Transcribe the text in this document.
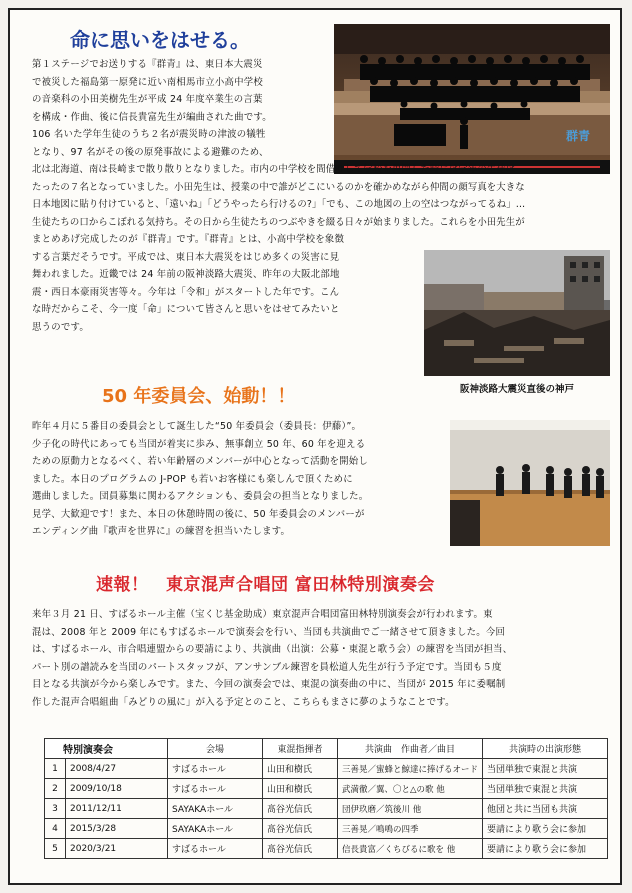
命に思いをはせる。

第１ステージでお送りする『群青』は、東日本大震災

で被災した福島第一原発に近い南相馬市立小高中学校

の音楽科の小田美樹先生が平成 24 年度卒業生の言葉

を構成・作曲、後に信長貴富先生が編曲された曲です。

106 名いた学年生徒のうち２名が震災時の津波の犠牲

となり、97 名がその後の原発事故による避難のため、

群青

北は北海道、南は長崎まで散り散りとなりました。市内の中学校を間借りして学校を再開した時には学年の生徒は

たったの７名となっていました。小田先生は、授業の中で誰がどこにいるのかを確かめながら仲間の顔写真を大きな

日本地図に貼り付けていると、「遠いね」「どうやったら行けるの?」「でも、この地図の上の空はつながってるね」…

生徒たちの口からこぼれる気持ち。その日から生徒たちのつぶやきを綴る日々が始まりました。これらを小田先生が

まとめあげ完成したのが『群青』です。『群青』とは、小高中学校を象徴

する言葉だそうです。平成では、東日本大震災をはじめ多くの災害に見

舞われました。近畿では 24 年前の阪神淡路大震災、昨年の大阪北部地

震・西日本豪雨災害等々。今年は「令和」がスタートした年です。こん

な時だからこそ、今一度「命」について皆さんと思いをはせてみたいと

思うのです。

阪神淡路大震災直後の神戸
50 年委員会、始動！！

昨年４月に５番目の委員会として誕生した“50 年委員会（委員長：伊藤）”。

少子化の時代にあっても当団が着実に歩み、無事創立 50 年、60 年を迎える

ための原動力となるべく、若い年齢層のメンバーが中心となって活動を開始し

ました。本日のプログラムの J-POP も若いお客様にも楽しんで頂くために

選曲しました。団員募集に関わるアクションも、委員会の担当となりました。

見学、大歓迎です！また、本日の休憩時間の後に、50 年委員会のメンバーが

エンディング曲『歌声を世界に』の練習を担当いたします。

速報！　東京混声合唱団 富田林特別演奏会

来年３月 21 日、すばるホール主催（宝くじ基金助成）東京混声合唱団富田林特別演奏会が行われます。東

混は、2008 年と 2009 年にもすばるホールで演奏会を行い、当団も共演曲でご一緒させて頂きました。今回

は、すばるホール、市合唱連盟からの要請により、共演曲（出演：公募・東混と歌う会）の練習を当団が担当、

パート別の譜読みを当団のパートスタッフが、アンサンブル練習を員松道人先生が行う予定です。当団も５度

目となる共演が今から楽しみです。また、今回の演奏会では、東混の演奏曲の中に、当団が 2015 年に委嘱制

作した混声合唱組曲「みどりの風に」が入る予定とのこと、こちらもまさに夢のようなことです。

特別演奏会		会場	東混指揮者	共演曲　作曲者／曲目	共演時の出演形態
1	2008/4/27	すばるホール	山田和樹氏	三善晃／蜜蜂と鯨達に捧げるオード	当団単独で東混と共演
2	2009/10/18	すばるホール	山田和樹氏	武満徹／翼、〇と△の歌 他	当団単独で東混と共演
3	2011/12/11	SAYAKAホール	髙谷光信氏	団伊玖磨／筑後川 他	他団と共に当団も共演
4	2015/3/28	SAYAKAホール	髙谷光信氏	三善晃／鳴鳴の四季	要請により歌う会に参加
5	2020/3/21	すばるホール	髙谷光信氏	信長貴富／くちびるに歌を 他	要請により歌う会に参加
